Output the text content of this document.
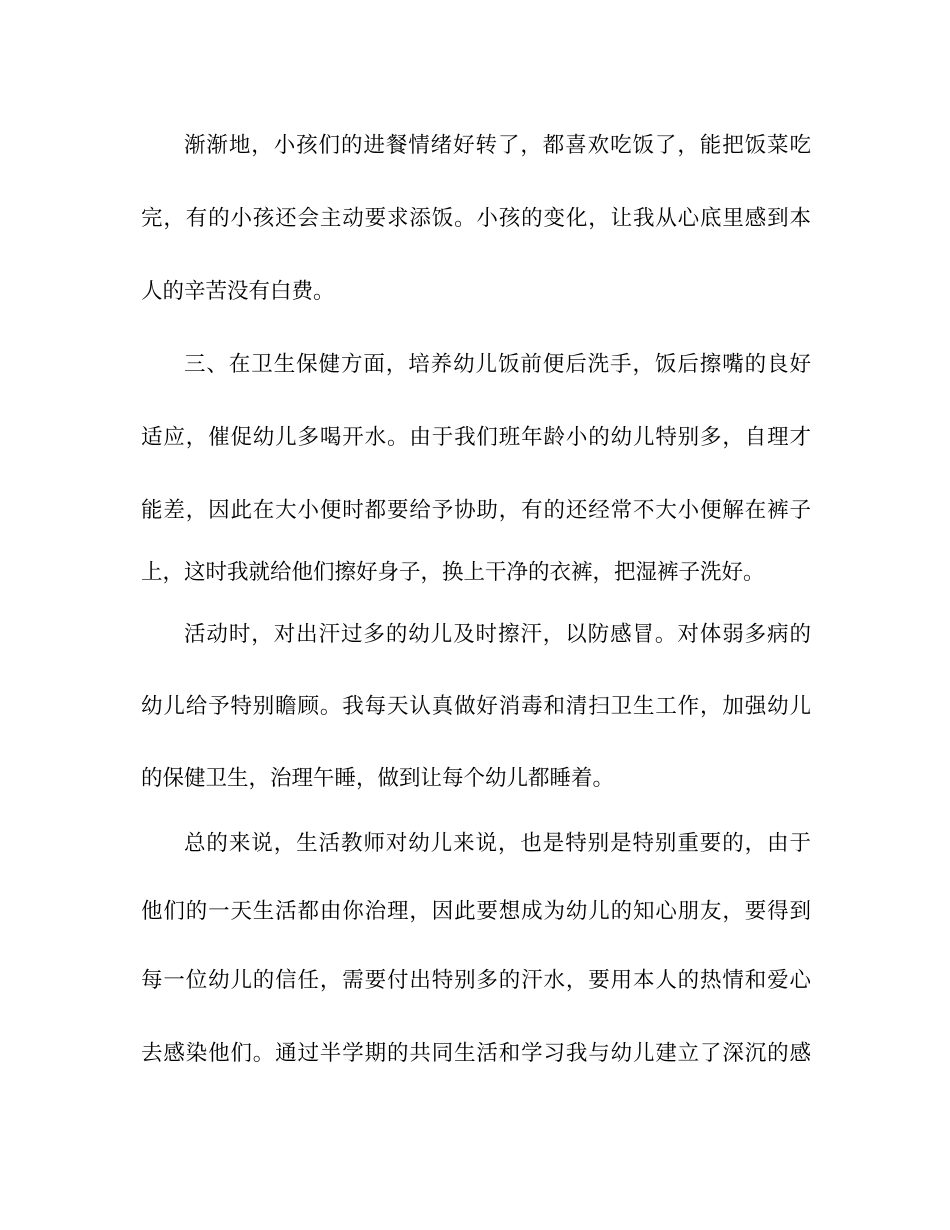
渐渐地，小孩们的进餐情绪好转了，都喜欢吃饭了，能把饭菜吃
完，有的小孩还会主动要求添饭。小孩的变化，让我从心底里感到本
人的辛苦没有白费。
三、在卫生保健方面，培养幼儿饭前便后洗手，饭后擦嘴的良好
适应，催促幼儿多喝开水。由于我们班年龄小的幼儿特别多，自理才
能差，因此在大小便时都要给予协助，有的还经常不大小便解在裤子
上，这时我就给他们擦好身子，换上干净的衣裤，把湿裤子洗好。
活动时，对出汗过多的幼儿及时擦汗，以防感冒。对体弱多病的
幼儿给予特别瞻顾。我每天认真做好消毒和清扫卫生工作，加强幼儿
的保健卫生，治理午睡，做到让每个幼儿都睡着。
总的来说，生活教师对幼儿来说，也是特别是特别重要的，由于
他们的一天生活都由你治理，因此要想成为幼儿的知心朋友，要得到
每一位幼儿的信任，需要付出特别多的汗水，要用本人的热情和爱心
去感染他们。通过半学期的共同生活和学习我与幼儿建立了深沉的感
